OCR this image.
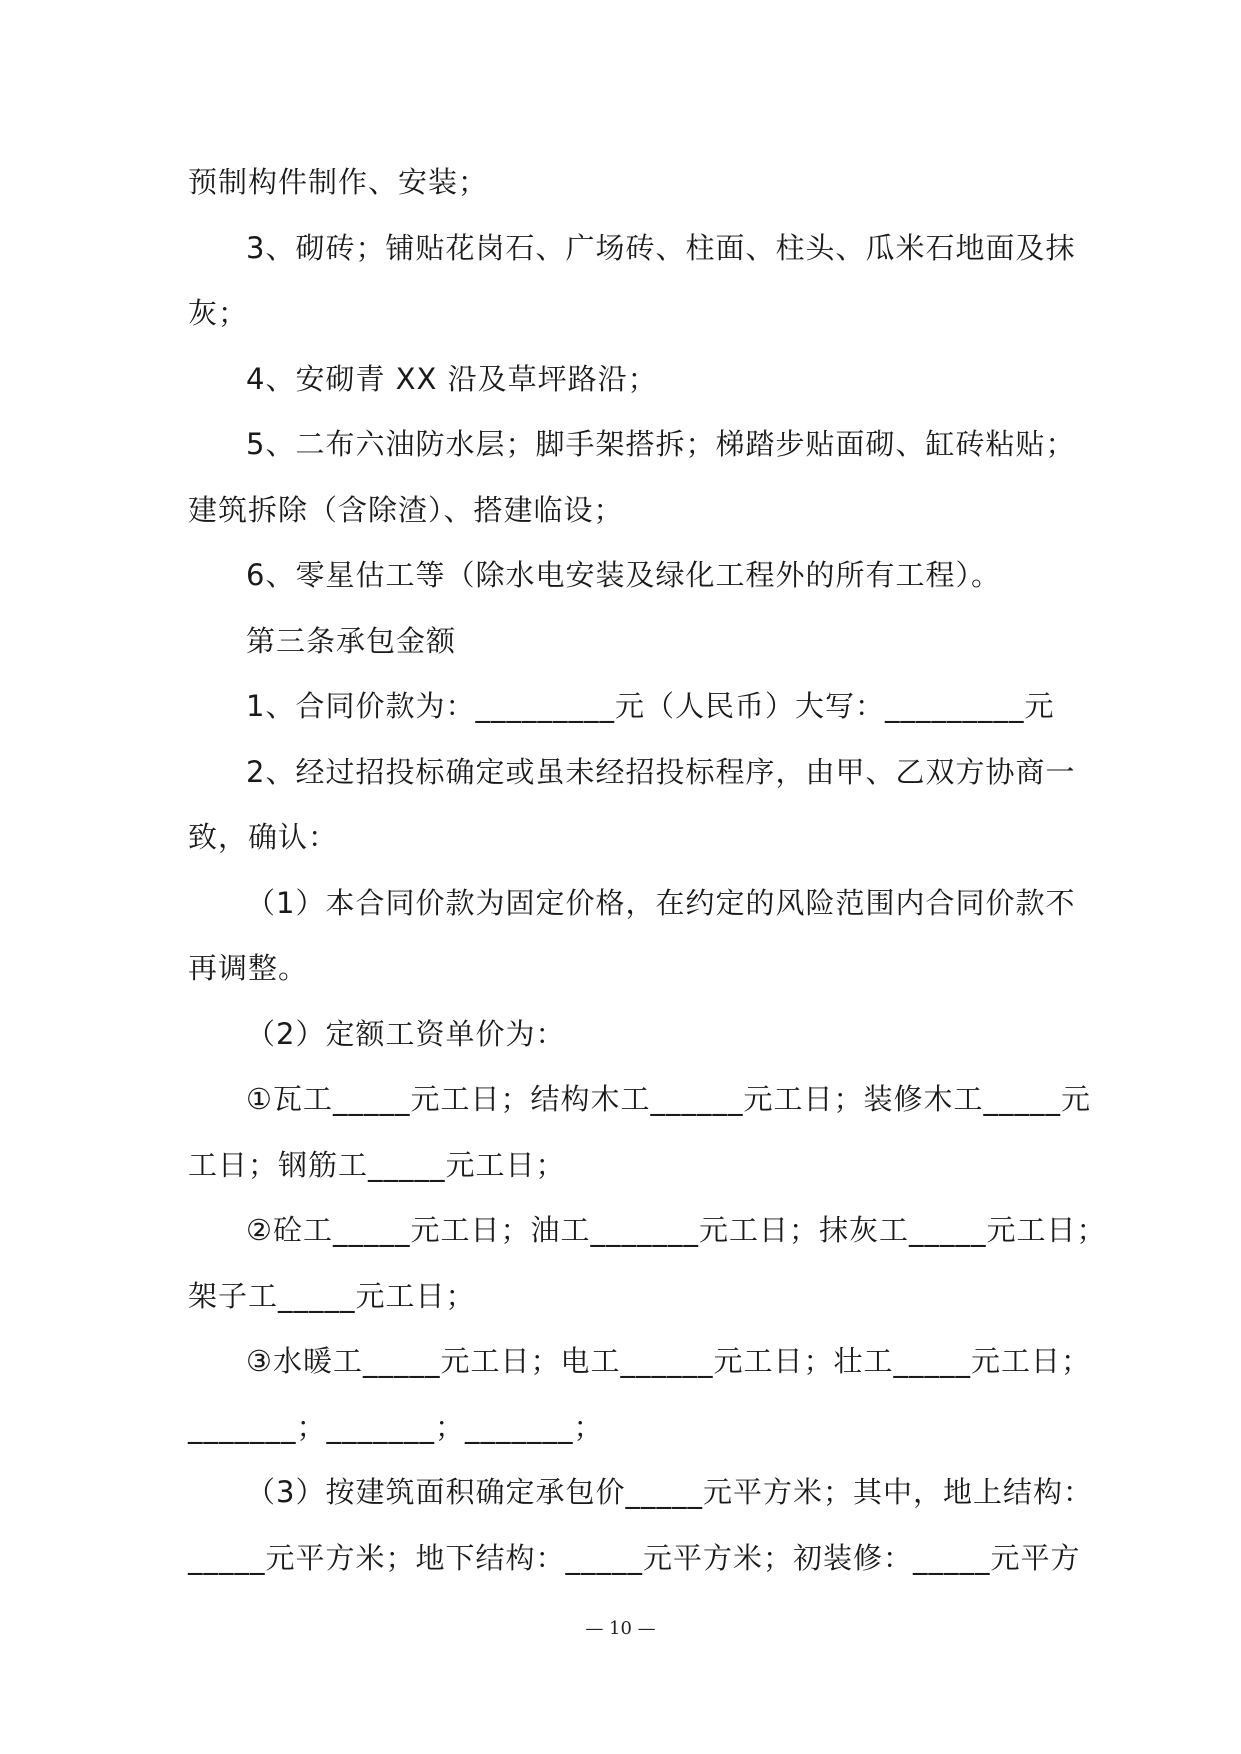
预制构件制作、安装；
3、砌砖；铺贴花岗石、广场砖、柱面、柱头、瓜米石地面及抹
灰；
4、安砌青 XX 沿及草坪路沿；
5、二布六油防水层；脚手架搭拆；梯踏步贴面砌、缸砖粘贴；
建筑拆除（含除渣）、搭建临设；
6、零星估工等（除水电安装及绿化工程外的所有工程）。
第三条承包金额
1、合同价款为：_________元（人民币）大写：_________元
2、经过招投标确定或虽未经招投标程序，由甲、乙双方协商一
致，确认：
（1）本合同价款为固定价格，在约定的风险范围内合同价款不
再调整。
（2）定额工资单价为：
①瓦工_____元工日；结构木工______元工日；装修木工_____元
工日；钢筋工_____元工日；
②砼工_____元工日；油工_______元工日；抹灰工_____元工日；
架子工_____元工日；
③水暖工_____元工日；电工______元工日；壮工_____元工日；
_______；_______；_______；
（3）按建筑面积确定承包价_____元平方米；其中，地上结构：
_____元平方米；地下结构：_____元平方米；初装修：_____元平方
— 10 —
